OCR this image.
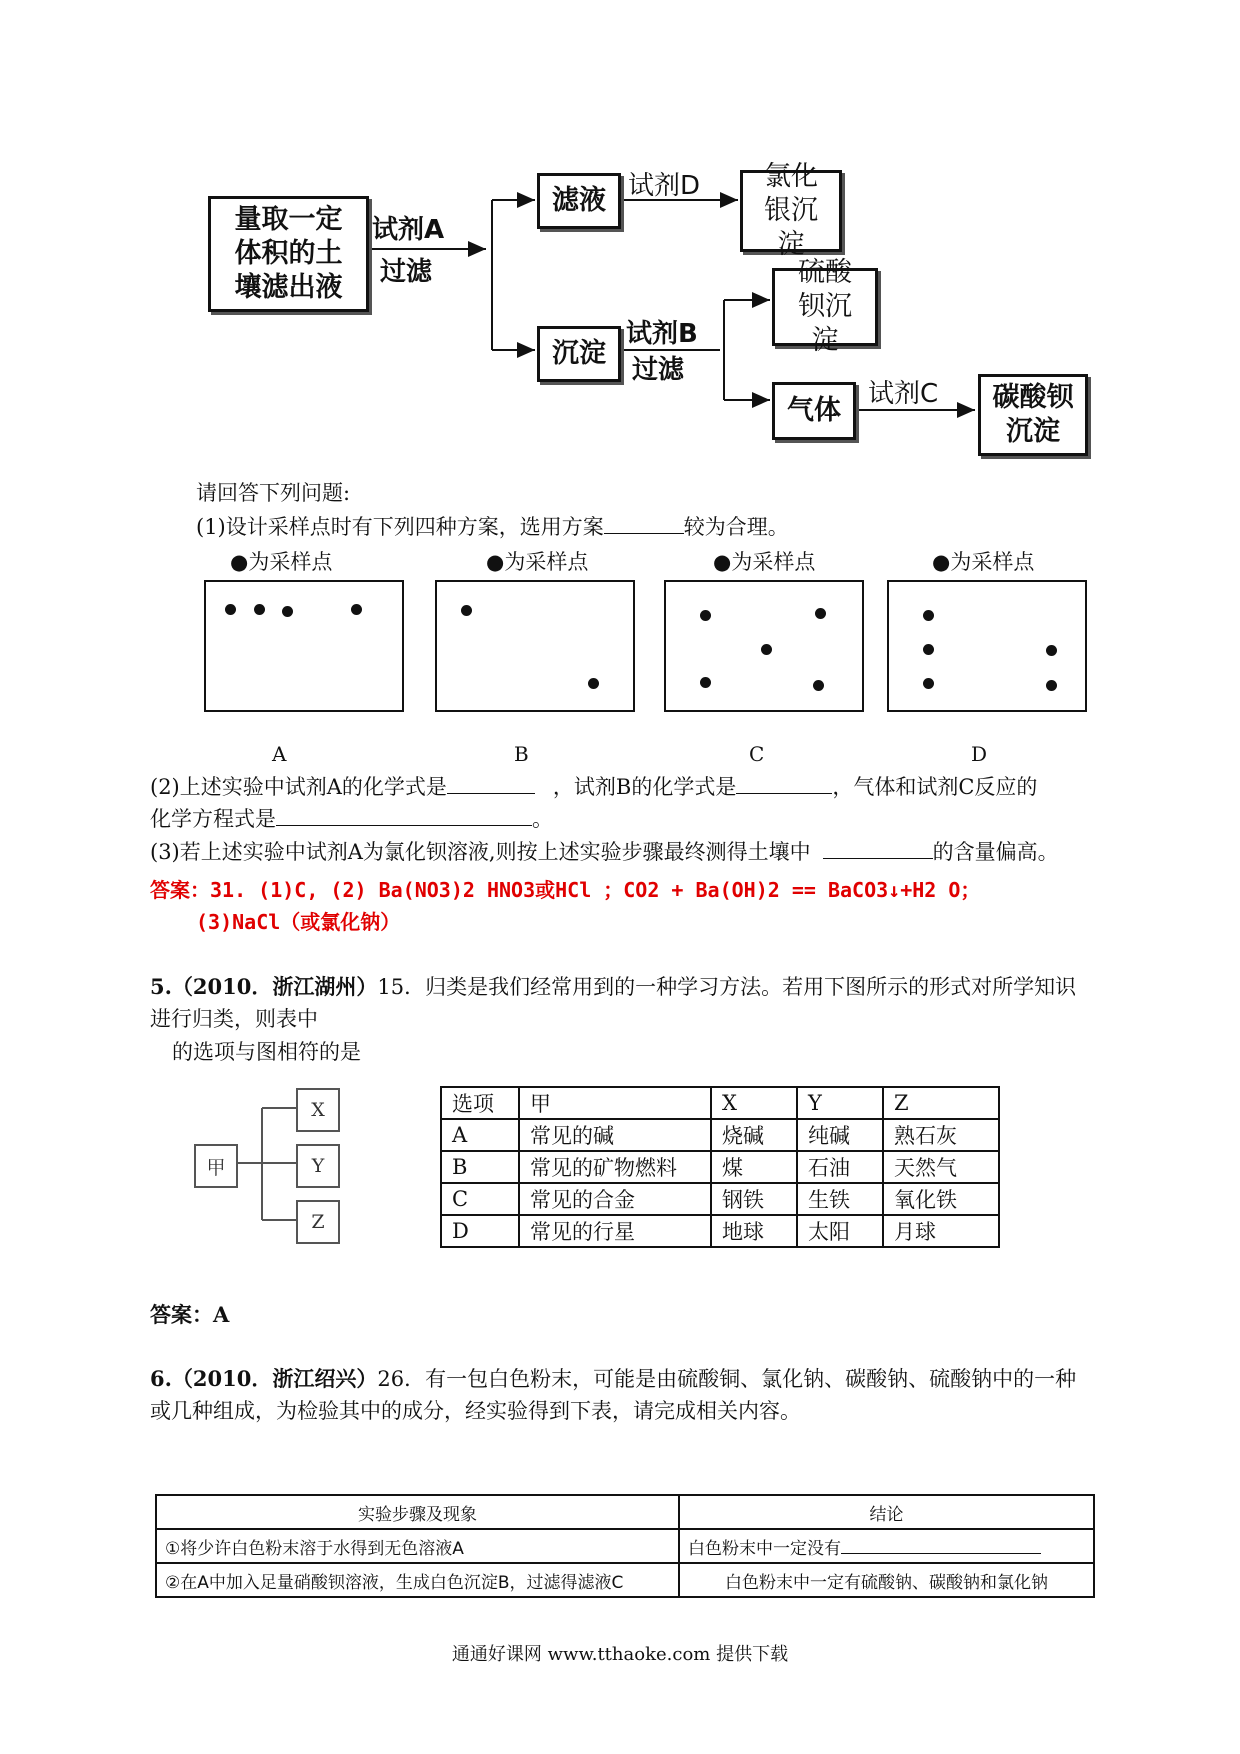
量取一定体积的土壤滤出液
试剂A
过滤
滤液 试剂D	氯化银沉淀
沉淀
试剂B
过滤
硫酸钡沉淀
气体
试剂C 碳酸钡沉淀
请回答下列问题:
(1)设计采样点时有下列四种方案，选用方案	较为合理。
●为采样点	●为采样点	●为采样点	●为采样点
A	B	C	D
(2)上述实验中试剂A的化学式是	，试剂B的化学式是	，气体和试剂C反应的
化学方程式是	。
(3)若上述实验中试剂A为氯化钡溶液,则按上述实验步骤最终测得土壤中	的含量偏高。
答案：31. (1)C, (2) Ba(NO3)2 HNO3或HCl ；CO2 + Ba(OH)2 == BaCO3↓+H2 O；
(3)NaCl（或氯化钠）
5.（2010．浙江湖州）15．归类是我们经常用到的一种学习方法。若用下图所示的形式对所学知识
进行归类，则表中
的选项与图相符的是
甲
X
Y
Z
选项	甲	X	Y	Z
A	常见的碱	烧碱	纯碱	熟石灰
B	常见的矿物燃料	煤	石油	天然气
C	常见的合金	钢铁	生铁	氧化铁
D	常见的行星	地球	太阳	月球
答案：A
6.（2010．浙江绍兴）26．有一包白色粉末，可能是由硫酸铜、氯化钠、碳酸钠、硫酸钠中的一种
或几种组成，为检验其中的成分，经实验得到下表，请完成相关内容。
实验步骤及现象	结论
①将少许白色粉末溶于水得到无色溶液A	白色粉末中一定没有
②在A中加入足量硝酸钡溶液，生成白色沉淀B，过滤得滤液C	白色粉末中一定有硫酸钠、碳酸钠和氯化钠
通通好课网 www.tthaoke.com 提供下载
